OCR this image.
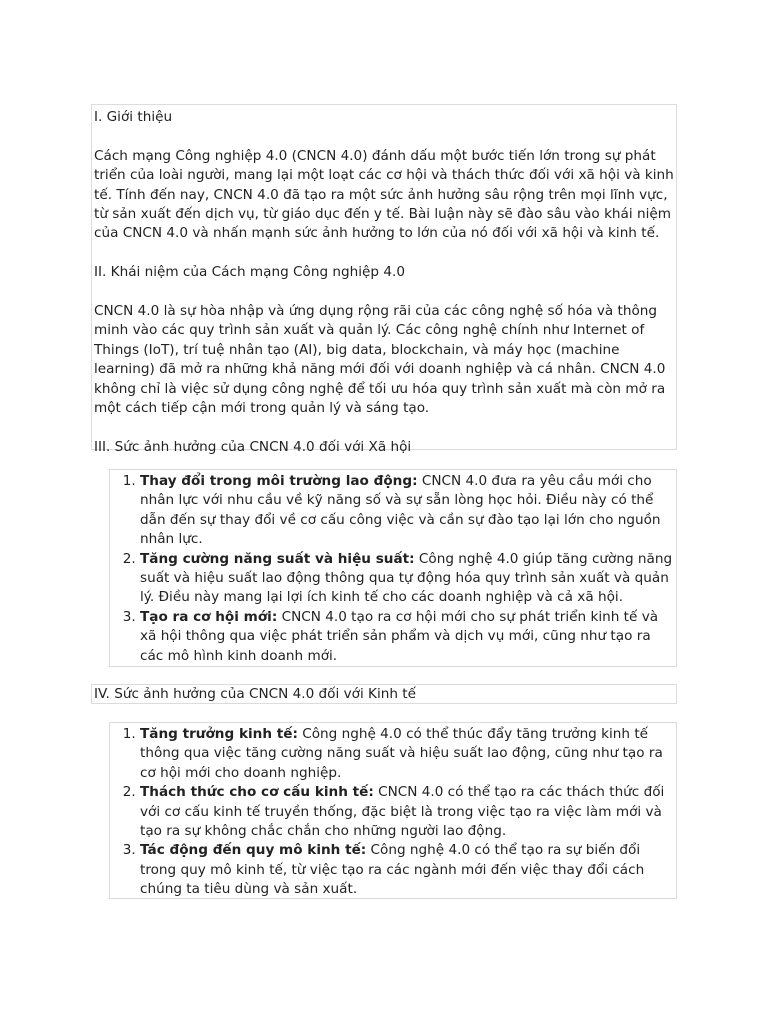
I. Giới thiệu

Cách mạng Công nghiệp 4.0 (CNCN 4.0) đánh dấu một bước tiến lớn trong sự phát triển của loài người, mang lại một loạt các cơ hội và thách thức đối với xã hội và kinh tế. Tính đến nay, CNCN 4.0 đã tạo ra một sức ảnh hưởng sâu rộng trên mọi lĩnh vực, từ sản xuất đến dịch vụ, từ giáo dục đến y tế. Bài luận này sẽ đào sâu vào khái niệm của CNCN 4.0 và nhấn mạnh sức ảnh hưởng to lớn của nó đối với xã hội và kinh tế.

II. Khái niệm của Cách mạng Công nghiệp 4.0

CNCN 4.0 là sự hòa nhập và ứng dụng rộng rãi của các công nghệ số hóa và thông minh vào các quy trình sản xuất và quản lý. Các công nghệ chính như Internet of Things (IoT), trí tuệ nhân tạo (AI), big data, blockchain, và máy học (machine learning) đã mở ra những khả năng mới đối với doanh nghiệp và cá nhân. CNCN 4.0 không chỉ là việc sử dụng công nghệ để tối ưu hóa quy trình sản xuất mà còn mở ra một cách tiếp cận mới trong quản lý và sáng tạo.

III. Sức ảnh hưởng của CNCN 4.0 đối với Xã hội

1. Thay đổi trong môi trường lao động: CNCN 4.0 đưa ra yêu cầu mới cho nhân lực với nhu cầu về kỹ năng số và sự sẵn lòng học hỏi. Điều này có thể dẫn đến sự thay đổi về cơ cấu công việc và cần sự đào tạo lại lớn cho nguồn nhân lực.
2. Tăng cường năng suất và hiệu suất: Công nghệ 4.0 giúp tăng cường năng suất và hiệu suất lao động thông qua tự động hóa quy trình sản xuất và quản lý. Điều này mang lại lợi ích kinh tế cho các doanh nghiệp và cả xã hội.
3. Tạo ra cơ hội mới: CNCN 4.0 tạo ra cơ hội mới cho sự phát triển kinh tế và xã hội thông qua việc phát triển sản phẩm và dịch vụ mới, cũng như tạo ra các mô hình kinh doanh mới.

IV. Sức ảnh hưởng của CNCN 4.0 đối với Kinh tế

1. Tăng trưởng kinh tế: Công nghệ 4.0 có thể thúc đẩy tăng trưởng kinh tế thông qua việc tăng cường năng suất và hiệu suất lao động, cũng như tạo ra cơ hội mới cho doanh nghiệp.
2. Thách thức cho cơ cấu kinh tế: CNCN 4.0 có thể tạo ra các thách thức đối với cơ cấu kinh tế truyền thống, đặc biệt là trong việc tạo ra việc làm mới và tạo ra sự không chắc chắn cho những người lao động.
3. Tác động đến quy mô kinh tế: Công nghệ 4.0 có thể tạo ra sự biến đổi trong quy mô kinh tế, từ việc tạo ra các ngành mới đến việc thay đổi cách chúng ta tiêu dùng và sản xuất.
